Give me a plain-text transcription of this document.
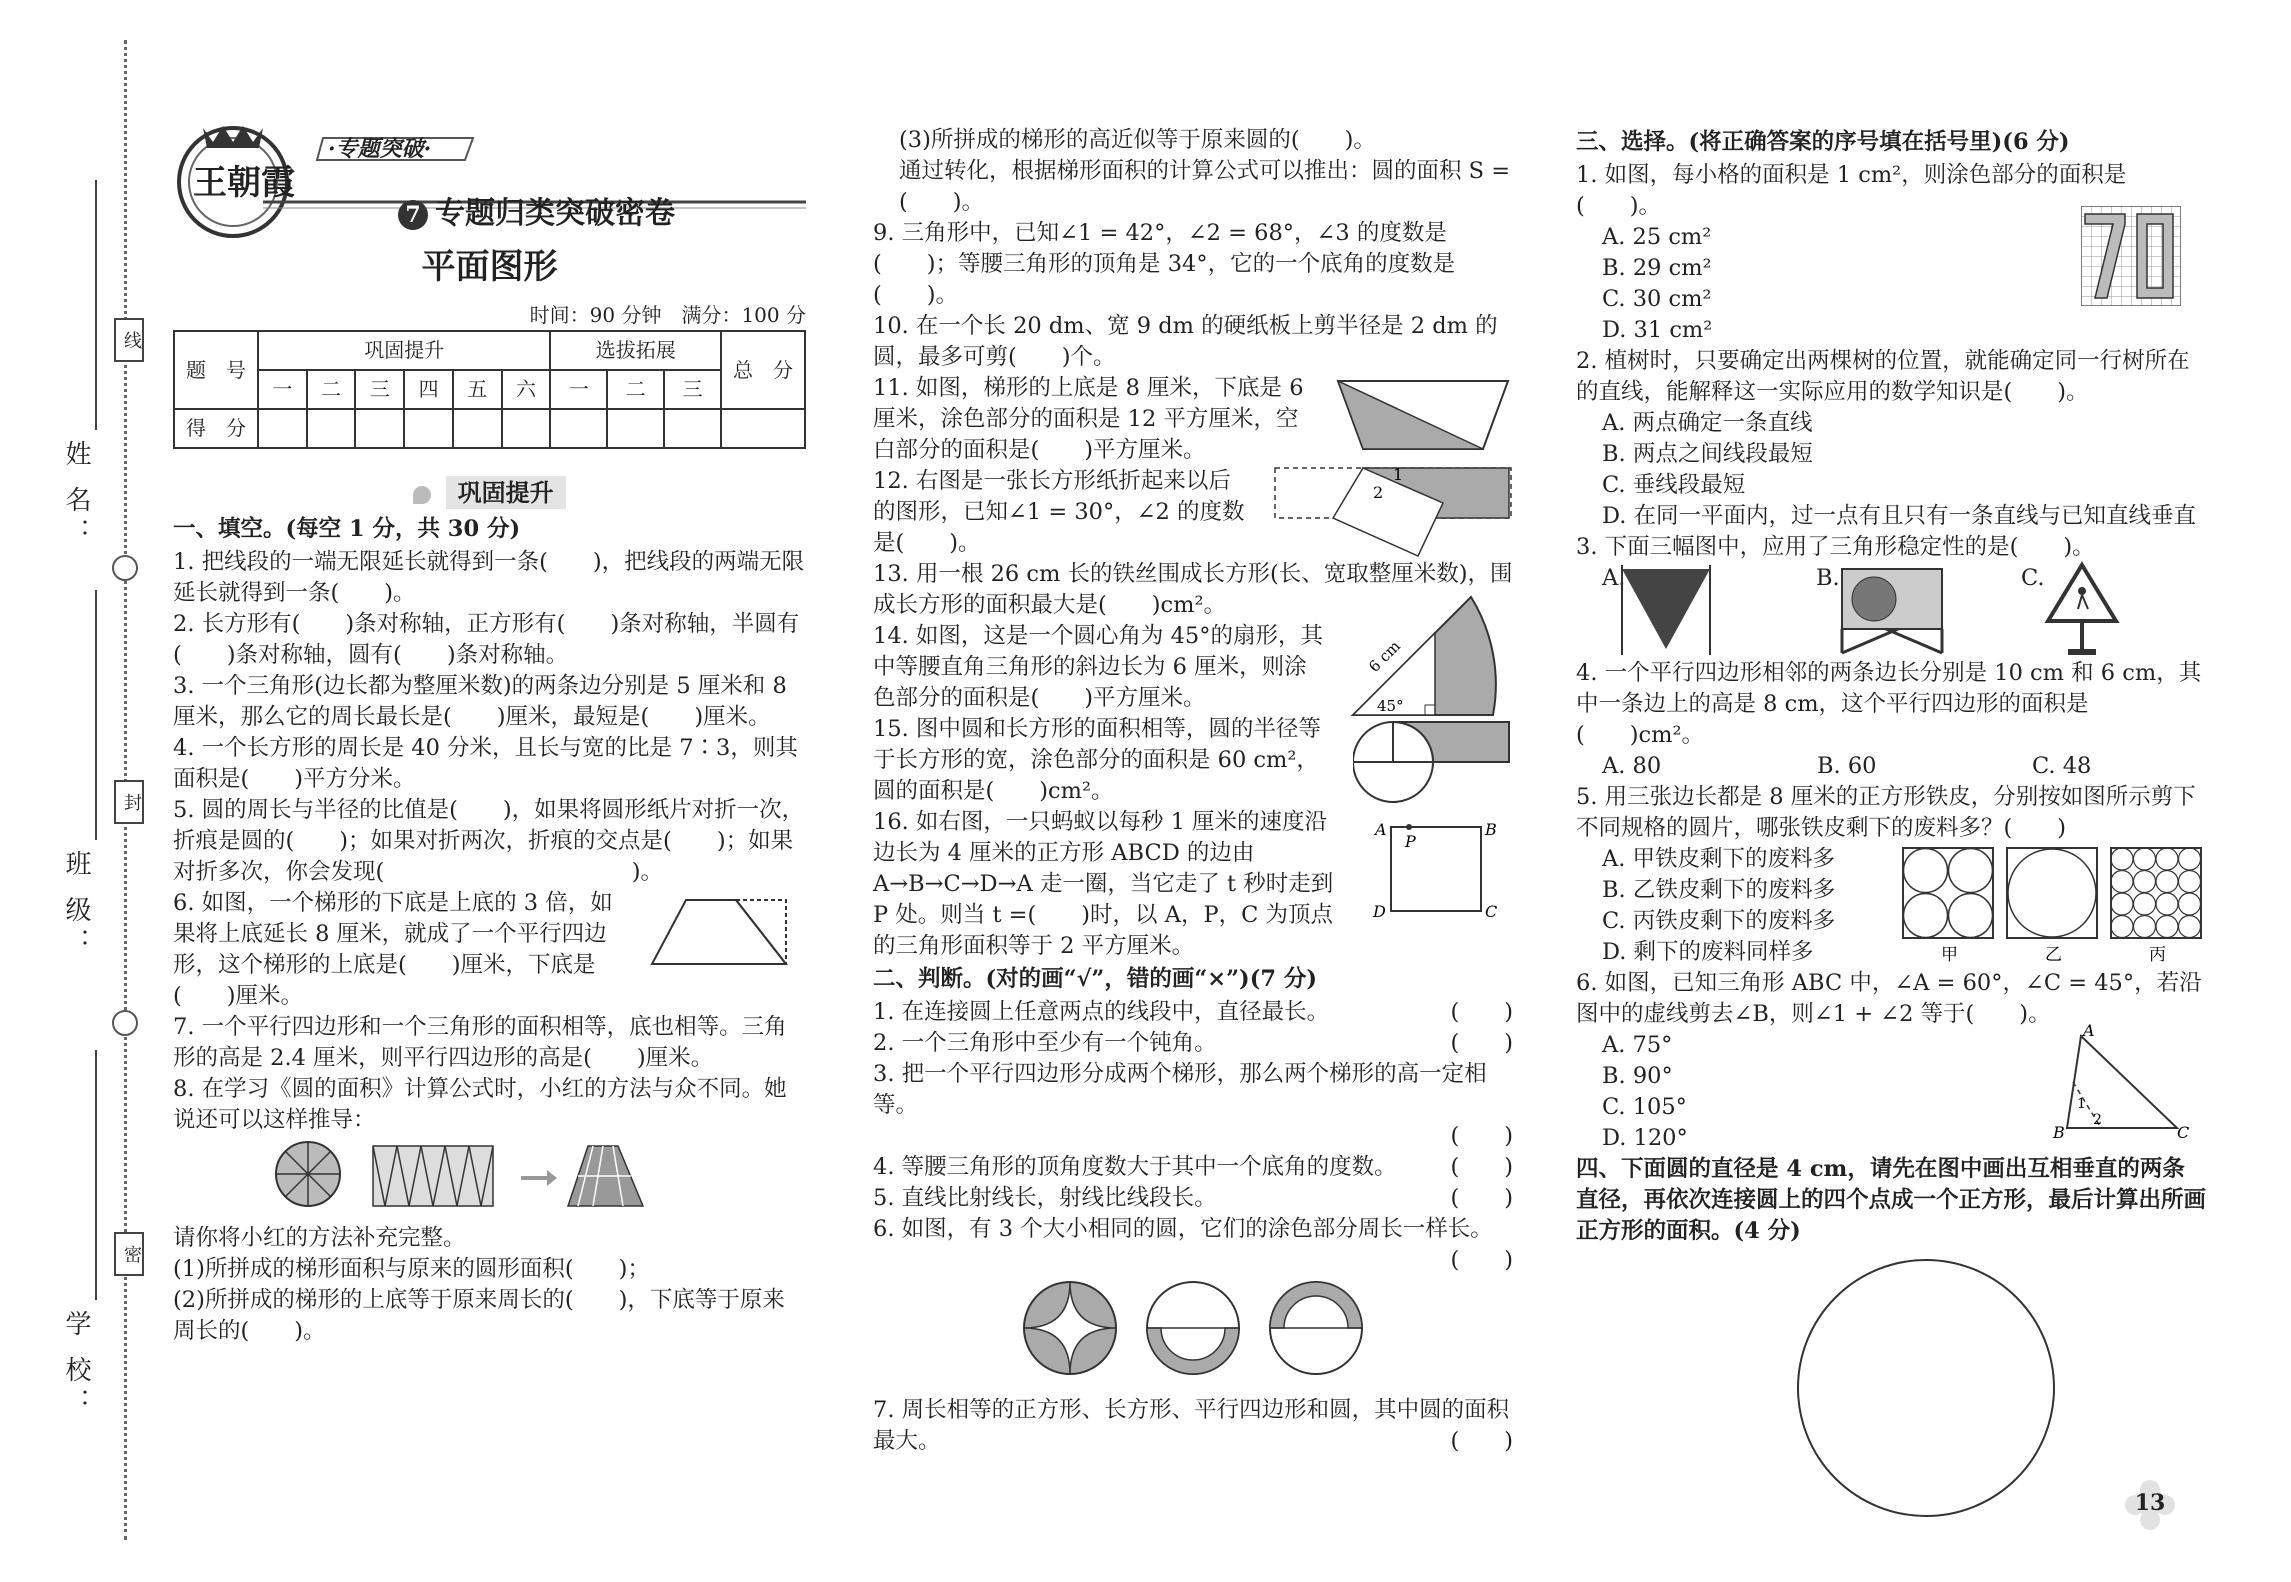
姓 名：
班 级：
学 校：
线
封
密
·专题突破·
王朝霞
7 专题归类突破密卷
平面图形
时间：90 分钟　满分：100 分
题　号	巩固提升						选拔拓展			总　分
	一	二	三	四	五	六	一	二	三	
得　分										
巩固提升

一、填空。(每空 1 分，共 30 分)

1. 把线段的一端无限延长就得到一条(　　)，把线段的两端无限延长就得到一条(　　)。

2. 长方形有(　　)条对称轴，正方形有(　　)条对称轴，半圆有(　　)条对称轴，圆有(　　)条对称轴。

3. 一个三角形(边长都为整厘米数)的两条边分别是 5 厘米和 8 厘米，那么它的周长最长是(　　)厘米，最短是(　　)厘米。

4. 一个长方形的周长是 40 分米，且长与宽的比是 7∶3，则其面积是(　　)平方分米。

5. 圆的周长与半径的比值是(　　)，如果将圆形纸片对折一次，折痕是圆的(　　)；如果对折两次，折痕的交点是(　　)；如果对折多次，你会发现(　　　　　　　　　　　)。

6. 如图，一个梯形的下底是上底的 3 倍，如果将上底延长 8 厘米，就成了一个平行四边形，这个梯形的上底是(　　)厘米，下底是(　　)厘米。

7. 一个平行四边形和一个三角形的面积相等，底也相等。三角形的高是 2.4 厘米，则平行四边形的高是(　　)厘米。

8. 在学习《圆的面积》计算公式时，小红的方法与众不同。她说还可以这样推导：

请你将小红的方法补充完整。

(1)所拼成的梯形面积与原来的圆形面积(　　)；

(2)所拼成的梯形的上底等于原来周长的(　　)，下底等于原来周长的(　　)。

(3)所拼成的梯形的高近似等于原来圆的(　　)。

通过转化，根据梯形面积的计算公式可以推出：圆的面积 S =(　　)。

9. 三角形中，已知∠1 = 42°，∠2 = 68°，∠3 的度数是(　　)；等腰三角形的顶角是 34°，它的一个底角的度数是(　　)。

10. 在一个长 20 dm、宽 9 dm 的硬纸板上剪半径是 2 dm 的圆，最多可剪(　　)个。

11. 如图，梯形的上底是 8 厘米，下底是 6 厘米，涂色部分的面积是 12 平方厘米，空白部分的面积是(　　)平方厘米。

12. 右图是一张长方形纸折起来以后的图形，已知∠1 = 30°，∠2 的度数是(　　)。

1
2

13. 用一根 26 cm 长的铁丝围成长方形(长、宽取整厘米数)，围成长方形的面积最大是(　　)cm²。

14. 如图，这是一个圆心角为 45°的扇形，其中等腰直角三角形的斜边长为 6 厘米，则涂色部分的面积是(　　)平方厘米。

6 cm
45°

15. 图中圆和长方形的面积相等，圆的半径等于长方形的宽，涂色部分的面积是 60 cm²，圆的面积是(　　)cm²。

16. 如右图，一只蚂蚁以每秒 1 厘米的速度沿边长为 4 厘米的正方形 ABCD 的边由 A→B→C→D→A 走一圈，当它走了 t 秒时走到 P 处。则当 t =(　　)时，以 A，P，C 为顶点的三角形面积等于 2 平方厘米。

A	B
C
D
P

二、判断。(对的画“√”，错的画“×”)(7 分)

1. 在连接圆上任意两点的线段中，直径最长。	(　　)
2. 一个三角形中至少有一个钝角。	(　　)

3. 把一个平行四边形分成两个梯形，那么两个梯形的高一定相等。

(　　)
4. 等腰三角形的顶角度数大于其中一个底角的度数。 (　　)
5. 直线比射线长，射线比线段长。	(　　)

6. 如图，有 3 个大小相同的圆，它们的涂色部分周长一样长。

(　　)

7. 周长相等的正方形、长方形、平行四边形和圆，其中圆的面积最大。	(　　)

三、选择。(将正确答案的序号填在括号里)(6 分)

1. 如图，每小格的面积是 1 cm²，则涂色部分的面积是(　　)。

A. 25 cm²
B. 29 cm²
C. 30 cm²
D. 31 cm²

2. 植树时，只要确定出两棵树的位置，就能确定同一行树所在的直线，能解释这一实际应用的数学知识是(　　)。

A. 两点确定一条直线
B. 两点之间线段最短
C. 垂线段最短
D. 在同一平面内，过一点有且只有一条直线与已知直线垂直

3. 下面三幅图中，应用了三角形稳定性的是(　　)。

A.	B.	C.

4. 一个平行四边形相邻的两条边长分别是 10 cm 和 6 cm，其中一条边上的高是 8 cm，这个平行四边形的面积是(　　)cm²。

A. 80	B. 60	C. 48

5. 用三张边长都是 8 厘米的正方形铁皮，分别按如图所示剪下不同规格的圆片，哪张铁皮剩下的废料多？(　　)

A. 甲铁皮剩下的废料多
B. 乙铁皮剩下的废料多
C. 丙铁皮剩下的废料多
D. 剩下的废料同样多	甲	乙	丙

6. 如图，已知三角形 ABC 中，∠A = 60°，∠C = 45°，若沿图中的虚线剪去∠B，则∠1 + ∠2 等于(　　)。

A. 75°
B. 90°
C. 105°
D. 120°
A
B	C
1
2

四、下面圆的直径是 4 cm，请先在图中画出互相垂直的两条直径，再依次连接圆上的四个点成一个正方形，最后计算出所画正方形的面积。(4 分)

13
